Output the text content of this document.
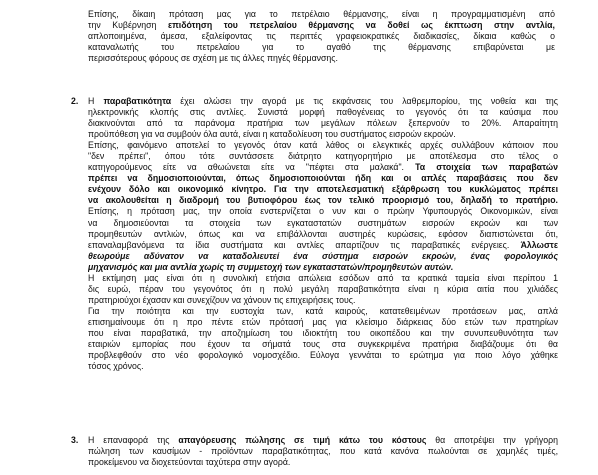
Επίσης, δίκαιη πρόταση μας για το πετρέλαιο θέρμανσης, είναι η προγραμματισμένη από
την Κυβέρνηση επιδότηση του πετρελαίου θέρμανσης να δοθεί ως έκπτωση στην αντλία,
απλοποιημένα, άμεσα, εξαλείφοντας τις περιττές γραφειοκρατικές διαδικασίες, δίκαια καθώς ο
καταναλωτής του πετρελαίου για το αγαθό της θέρμανσης επιβαρύνεται με
περισσότερους φόρους σε σχέση με τις άλλες πηγές θέρμανσης.
2. Η παραβατικότητα έχει αλώσει την αγορά με τις εκφάνσεις του λαθρεμπορίου, της νοθεία και της
ηλεκτρονικής κλοπής στις αντλίες. Συνιστά μορφή παθογένειας το γεγονός ότι τα καύσιμα που
διακινούνται από τα παράνομα πρατήρια των μεγάλων πόλεων ξεπερνούν το 20%. Απαραίτητη
προϋπόθεση για να συμβούν όλα αυτά, είναι η καταδολίευση του συστήματος εισροών εκροών.
Επίσης, φαινόμενο αποτελεί το γεγονός όταν κατά λάθος οι ελεγκτικές αρχές συλλάβουν κάποιον που
"δεν πρέπει", όπου τότε συντάσσετε διάτρητο κατηγορητήριο με αποτέλεσμα στο τέλος ο
κατηγορούμενος είτε να αθωώνεται είτε να "πέφτει στα μαλακά". Τα στοιχεία των παραβατών
πρέπει να δημοσιοποιούνται, όπως δημοσιοποιούνται ήδη και οι απλές παραβάσεις που δεν
ενέχουν δόλο και οικονομικό κίνητρο. Για την αποτελεσματική εξάρθρωση του κυκλώματος πρέπει
να ακολουθείται η διαδρομή του βυτιοφόρου έως τον τελικό προορισμό του, δηλαδή το πρατήριο.
Επίσης, η πρόταση μας, την οποία ενστερνίζεται ο νυν και ο πρώην Υφυπουργός Οικονομικών, είναι
να δημοσιεύονται τα στοιχεία των εγκαταστατών συστημάτων εισροών εκροών και των
προμηθευτών αντλιών, όπως και να επιβάλλονται αυστηρές κυρώσεις, εφόσον διαπιστώνεται ότι,
επαναλαμβανόμενα τα ίδια συστήματα και αντλίες απαρτίζουν τις παραβατικές ενέργειες. Άλλωστε
θεωρούμε αδύνατον να καταδολιευτεί ένα σύστημα εισροών εκροών, ένας φορολογικός
μηχανισμός και μια αντλία χωρίς τη συμμετοχή των εγκαταστατών/προμηθευτών αυτών.
Η εκτίμηση μας είναι ότι η συνολική ετήσια απώλεια εσόδων από τα κρατικά ταμεία είναι περίπου 1
δις ευρώ, πέραν του γεγονότος ότι η πολύ μεγάλη παραβατικότητα είναι η κύρια αιτία που χιλιάδες
πρατηριούχοι έχασαν και συνεχίζουν να χάνουν τις επιχειρήσεις τους.
Για την ποιότητα και την ευστοχία των, κατά καιρούς, κατατεθειμένων προτάσεων μας, απλά
επισημαίνουμε ότι η προ πέντε ετών πρότασή μας για κλείσιμο διάρκειας δύο ετών των πρατηρίων
που είναι παραβατικά, την αποζημίωση του ιδιοκτήτη του οικοπέδου και την συνυπευθυνότητα των
εταιριών εμπορίας που έχουν τα σήματά τους στα συγκεκριμένα πρατήρια διαβάζουμε ότι θα
προβλεφθούν στο νέο φορολογικό νομοσχέδιο. Εύλογα γεννάται το ερώτημα για ποιο λόγο χάθηκε
τόσος χρόνος.
3. Η επαναφορά της απαγόρευσης πώλησης σε τιμή κάτω του κόστους θα αποτρέψει την γρήγορη
πώληση των καυσίμων - προϊόντων παραβατικότητας, που κατά κανόνα πωλούνται σε χαμηλές τιμές,
προκείμενου να διοχετεύονται ταχύτερα στην αγορά.
